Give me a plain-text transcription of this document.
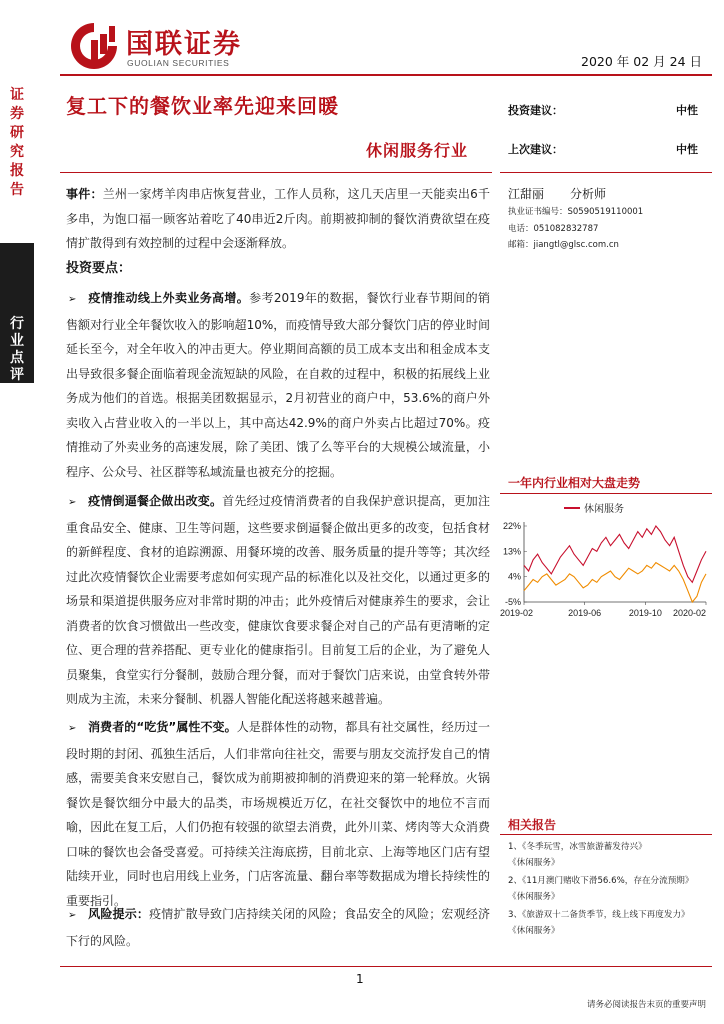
国联证券
GUOLIAN SECURITIES	2020 年 02 月 24 日
证券研究报告
行业点评
复工下的餐饮业率先迎来回暖
休闲服务行业
投资建议：	中性
上次建议：	中性
江甜丽 分析师
执业证书编号：S0590519110001
电话：051082832787
邮箱：jiangtl@glsc.com.cn
事件：兰州一家烤羊肉串店恢复营业，工作人员称，这几天店里一天能卖出6千多串，为饱口福一顾客站着吃了40串近2斤肉。前期被抑制的餐饮消费欲望在疫情扩散得到有效控制的过程中会逐渐释放。
投资要点：
➢ 疫情推动线上外卖业务高增。参考2019年的数据，餐饮行业春节期间的销售额对行业全年餐饮收入的影响超10%，而疫情导致大部分餐饮门店的停业时间延长至今，对全年收入的冲击更大。停业期间高额的员工成本支出和租金成本支出导致很多餐企面临着现金流短缺的风险，在自救的过程中，积极的拓展线上业务成为他们的首选。根据美团数据显示，2月初营业的商户中，53.6%的商户外卖收入占营业收入的一半以上，其中高达42.9%的商户外卖占比超过70%。疫情推动了外卖业务的高速发展，除了美团、饿了么等平台的大规模公域流量，小程序、公众号、社区群等私域流量也被充分的挖掘。
➢ 疫情倒逼餐企做出改变。首先经过疫情消费者的自我保护意识提高，更加注重食品安全、健康、卫生等问题，这些要求倒逼餐企做出更多的改变，包括食材的新鲜程度、食材的追踪溯源、用餐环境的改善、服务质量的提升等等；其次经过此次疫情餐饮企业需要考虑如何实现产品的标准化以及社交化，以通过更多的场景和渠道提供服务应对非常时期的冲击；此外疫情后对健康养生的要求，会让消费者的饮食习惯做出一些改变，健康饮食要求餐企对自己的产品有更清晰的定位、更合理的营养搭配、更专业化的健康指引。目前复工后的企业，为了避免人员聚集，食堂实行分餐制，鼓励合理分餐，而对于餐饮门店来说，由堂食转外带则成为主流，未来分餐制、机器人智能化配送将越来越普遍。
➢ 消费者的“吃货”属性不变。人是群体性的动物，都具有社交属性，经历过一段时期的封闭、孤独生活后，人们非常向往社交，需要与朋友交流抒发自己的情感，需要美食来安慰自己，餐饮成为前期被抑制的消费迎来的第一轮释放。火锅餐饮是餐饮细分中最大的品类，市场规模近万亿，在社交餐饮中的地位不言而喻，因此在复工后，人们仍抱有较强的欲望去消费，此外川菜、烤肉等大众消费口味的餐饮也会备受喜爱。可持续关注海底捞，目前北京、上海等地区门店有望陆续开业，同时也启用线上业务，门店客流量、翻台率等数据成为增长持续性的重要指引。
➢ 风险提示：疫情扩散导致门店持续关闭的风险；食品安全的风险；宏观经济下行的风险。
一年内行业相对大盘走势
休闲服务
22%
13%
4%
-5%
2019-02	2019-06	2019-10 2020-02
相关报告
1、《冬季玩雪，冰雪旅游蓄发待兴》
《休闲服务》
2、《11月澳门赌收下滑56.6%，存在分流预期》
《休闲服务》
3、《旅游双十二备货季节，线上线下再度发力》
《休闲服务》
1
请务必阅读报告末页的重要声明
